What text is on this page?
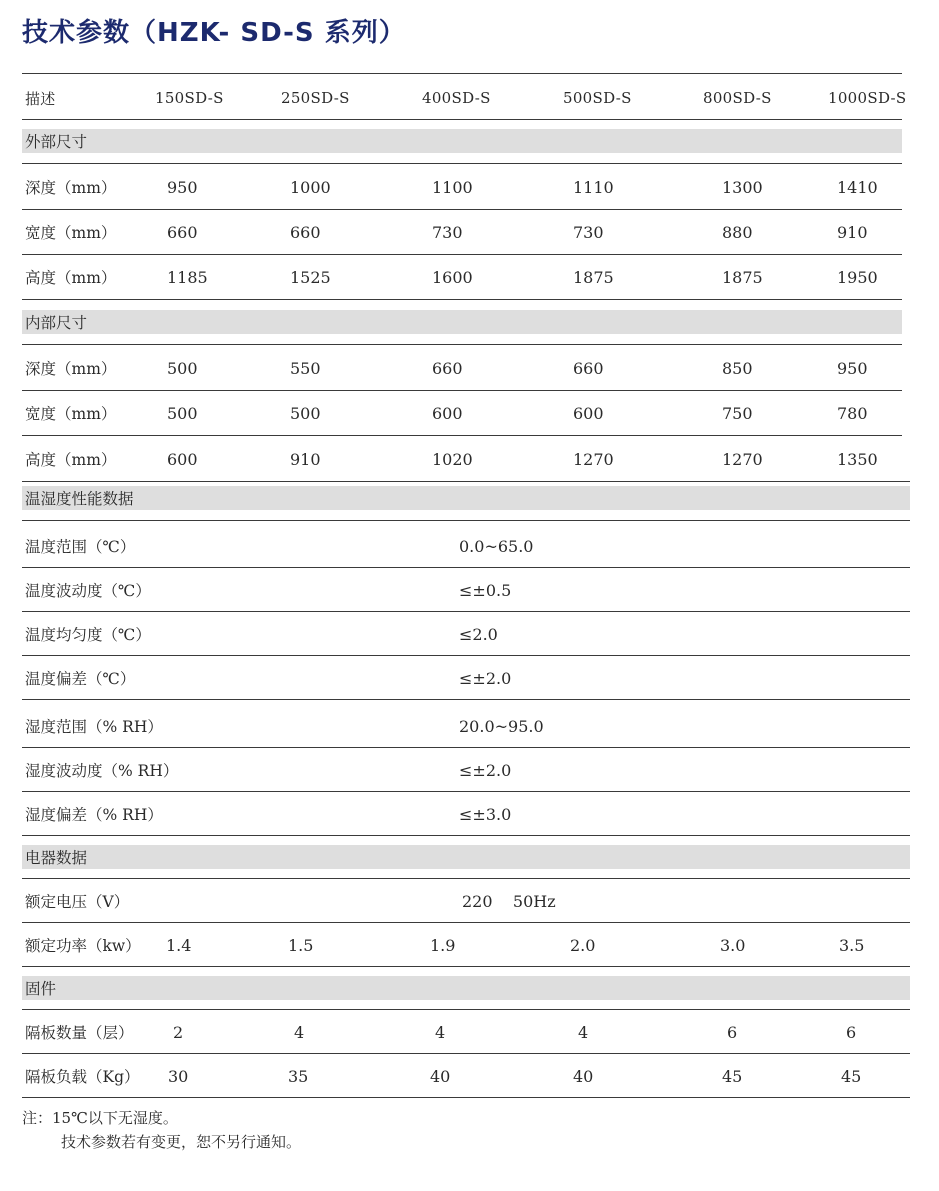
技术参数（HZK- SD-S 系列）
描述	150SD-S	250SD-S	400SD-S	500SD-S	800SD-S	1000SD-S
外部尺寸
深度（mm）	950	1000	1100	1110	1300	1410
宽度（mm）	660	660	730	730	880	910
高度（mm）	1185	1525	1600	1875	1875	1950
内部尺寸
深度（mm）	500	550	660	660	850	950
宽度（mm）	500	500	600	600	750	780
高度（mm）	600	910	1020	1270	1270	1350
温湿度性能数据
温度范围（℃）	0.0~65.0
温度波动度（℃）	≤±0.5
温度均匀度（℃）	≤2.0
温度偏差（℃）	≤±2.0
湿度范围（% RH）	20.0~95.0
湿度波动度（% RH）	≤±2.0
湿度偏差（% RH）	≤±3.0
电器数据
额定电压（V）	220    50Hz
额定功率（kw） 1.4	1.5	1.9	2.0	3.0	3.5
固件
隔板数量（层） 2	4	4	4	6	6
隔板负载（Kg） 30	35	40	40	45	45
注：15℃以下无湿度。
技术参数若有变更，恕不另行通知。
